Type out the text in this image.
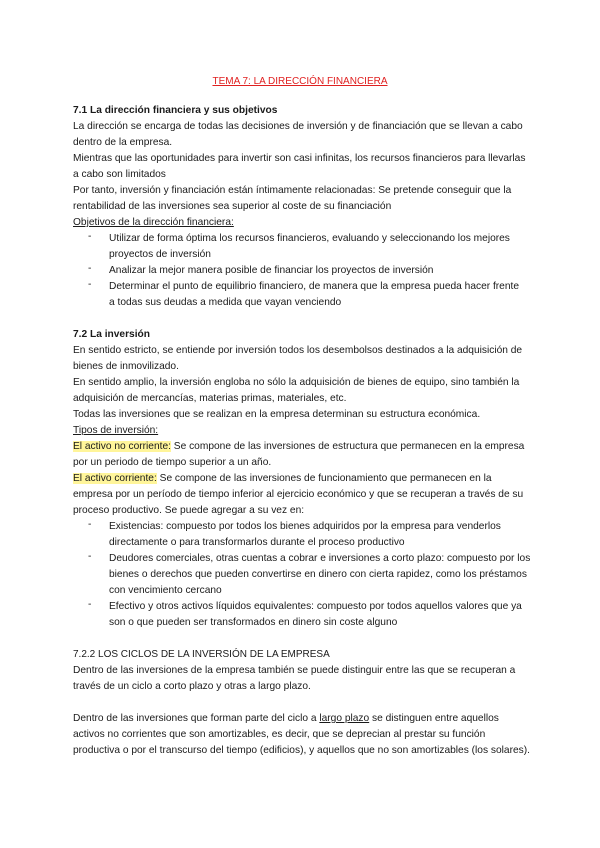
TEMA 7: LA DIRECCIÓN FINANCIERA
7.1 La dirección financiera y sus objetivos
La dirección se encarga de todas las decisiones de inversión y de financiación que se llevan a cabo
dentro de la empresa.
Mientras que las oportunidades para invertir son casi infinitas, los recursos financieros para llevarlas
a cabo son limitados
Por tanto, inversión y financiación están íntimamente relacionadas: Se pretende conseguir que la
rentabilidad de las inversiones sea superior al coste de su financiación
Objetivos de la dirección financiera:
- Utilizar de forma óptima los recursos financieros, evaluando y seleccionando los mejores
proyectos de inversión
- Analizar la mejor manera posible de financiar los proyectos de inversión
- Determinar el punto de equilibrio financiero, de manera que la empresa pueda hacer frente
a todas sus deudas a medida que vayan venciendo
7.2 La inversión
En sentido estricto, se entiende por inversión todos los desembolsos destinados a la adquisición de
bienes de inmovilizado.
En sentido amplio, la inversión engloba no sólo la adquisición de bienes de equipo, sino también la
adquisición de mercancías, materias primas, materiales, etc.
Todas las inversiones que se realizan en la empresa determinan su estructura económica.
Tipos de inversión:
El activo no corriente: Se compone de las inversiones de estructura que permanecen en la empresa
por un periodo de tiempo superior a un año.
El activo corriente: Se compone de las inversiones de funcionamiento que permanecen en la
empresa por un período de tiempo inferior al ejercicio económico y que se recuperan a través de su
proceso productivo. Se puede agregar a su vez en:
- Existencias: compuesto por todos los bienes adquiridos por la empresa para venderlos
directamente o para transformarlos durante el proceso productivo
- Deudores comerciales, otras cuentas a cobrar e inversiones a corto plazo: compuesto por los
bienes o derechos que pueden convertirse en dinero con cierta rapidez, como los préstamos
con vencimiento cercano
- Efectivo y otros activos líquidos equivalentes: compuesto por todos aquellos valores que ya
son o que pueden ser transformados en dinero sin coste alguno
7.2.2 LOS CICLOS DE LA INVERSIÓN DE LA EMPRESA
Dentro de las inversiones de la empresa también se puede distinguir entre las que se recuperan a
través de un ciclo a corto plazo y otras a largo plazo.
Dentro de las inversiones que forman parte del ciclo a largo plazo se distinguen entre aquellos
activos no corrientes que son amortizables, es decir, que se deprecian al prestar su función
productiva o por el transcurso del tiempo (edificios), y aquellos que no son amortizables (los solares).
